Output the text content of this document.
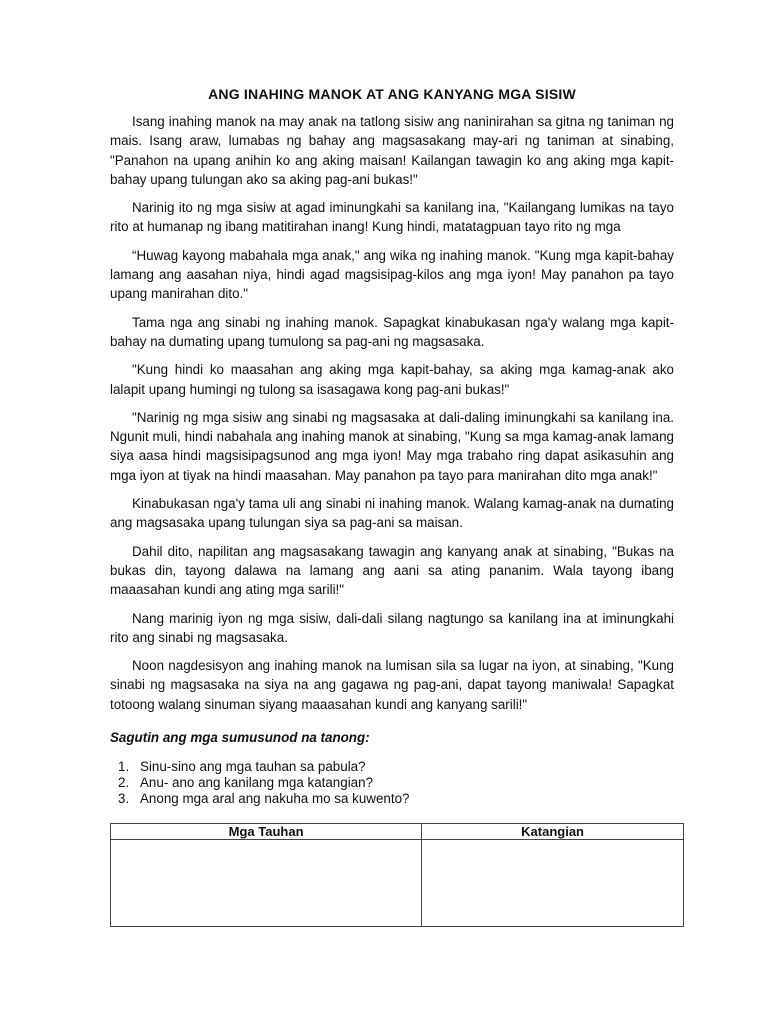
ANG INAHING MANOK AT ANG KANYANG MGA SISIW

Isang inahing manok na may anak na tatlong sisiw ang naninirahan sa gitna ng taniman ng mais. Isang araw, lumabas ng bahay ang magsasakang may-ari ng taniman at sinabing, "Panahon na upang anihin ko ang aking maisan! Kailangan tawagin ko ang aking mga kapit-bahay upang tulungan ako sa aking pag-ani bukas!"

Narinig ito ng mga sisiw at agad iminungkahi sa kanilang ina, "Kailangang lumikas na tayo rito at humanap ng ibang matitirahan inang! Kung hindi, matatagpuan tayo rito ng mga

“Huwag kayong mabahala mga anak," ang wika ng inahing manok. "Kung mga kapit-bahay lamang ang aasahan niya, hindi agad magsisipag-kilos ang mga iyon! May panahon pa tayo upang manirahan dito."

Tama nga ang sinabi ng inahing manok. Sapagkat kinabukasan nga'y walang mga kapit-bahay na dumating upang tumulong sa pag-ani ng magsasaka.

"Kung hindi ko maasahan ang aking mga kapit-bahay, sa aking mga kamag-anak ako lalapit upang humingi ng tulong sa isasagawa kong pag-ani bukas!"

"Narinig ng mga sisiw ang sinabi ng magsasaka at dali-daling iminungkahi sa kanilang ina. Ngunit muli, hindi nabahala ang inahing manok at sinabing, "Kung sa mga kamag-anak lamang siya aasa hindi magsisipagsunod ang mga iyon! May mga trabaho ring dapat asikasuhin ang mga iyon at tiyak na hindi maasahan. May panahon pa tayo para manirahan dito mga anak!"

Kinabukasan nga'y tama uli ang sinabi ni inahing manok. Walang kamag-anak na dumating ang magsasaka upang tulungan siya sa pag-ani sa maisan.

Dahil dito, napilitan ang magsasakang tawagin ang kanyang anak at sinabing, "Bukas na bukas din, tayong dalawa na lamang ang aani sa ating pananim. Wala tayong ibang maaasahan kundi ang ating mga sarili!"

Nang marinig iyon ng mga sisiw, dali-dali silang nagtungo sa kanilang ina at iminungkahi rito ang sinabi ng magsasaka.

Noon nagdesisyon ang inahing manok na lumisan sila sa lugar na iyon, at sinabing, "Kung sinabi ng magsasaka na siya na ang gagawa ng pag-ani, dapat tayong maniwala! Sapagkat totoong walang sinuman siyang maaasahan kundi ang kanyang sarili!"

Sagutin ang mga sumusunod na tanong:
1. Sinu-sino ang mga tauhan sa pabula?
2. Anu- ano ang kanilang mga katangian?
3. Anong mga aral ang nakuha mo sa kuwento?
Mga Tauhan	Katangian
